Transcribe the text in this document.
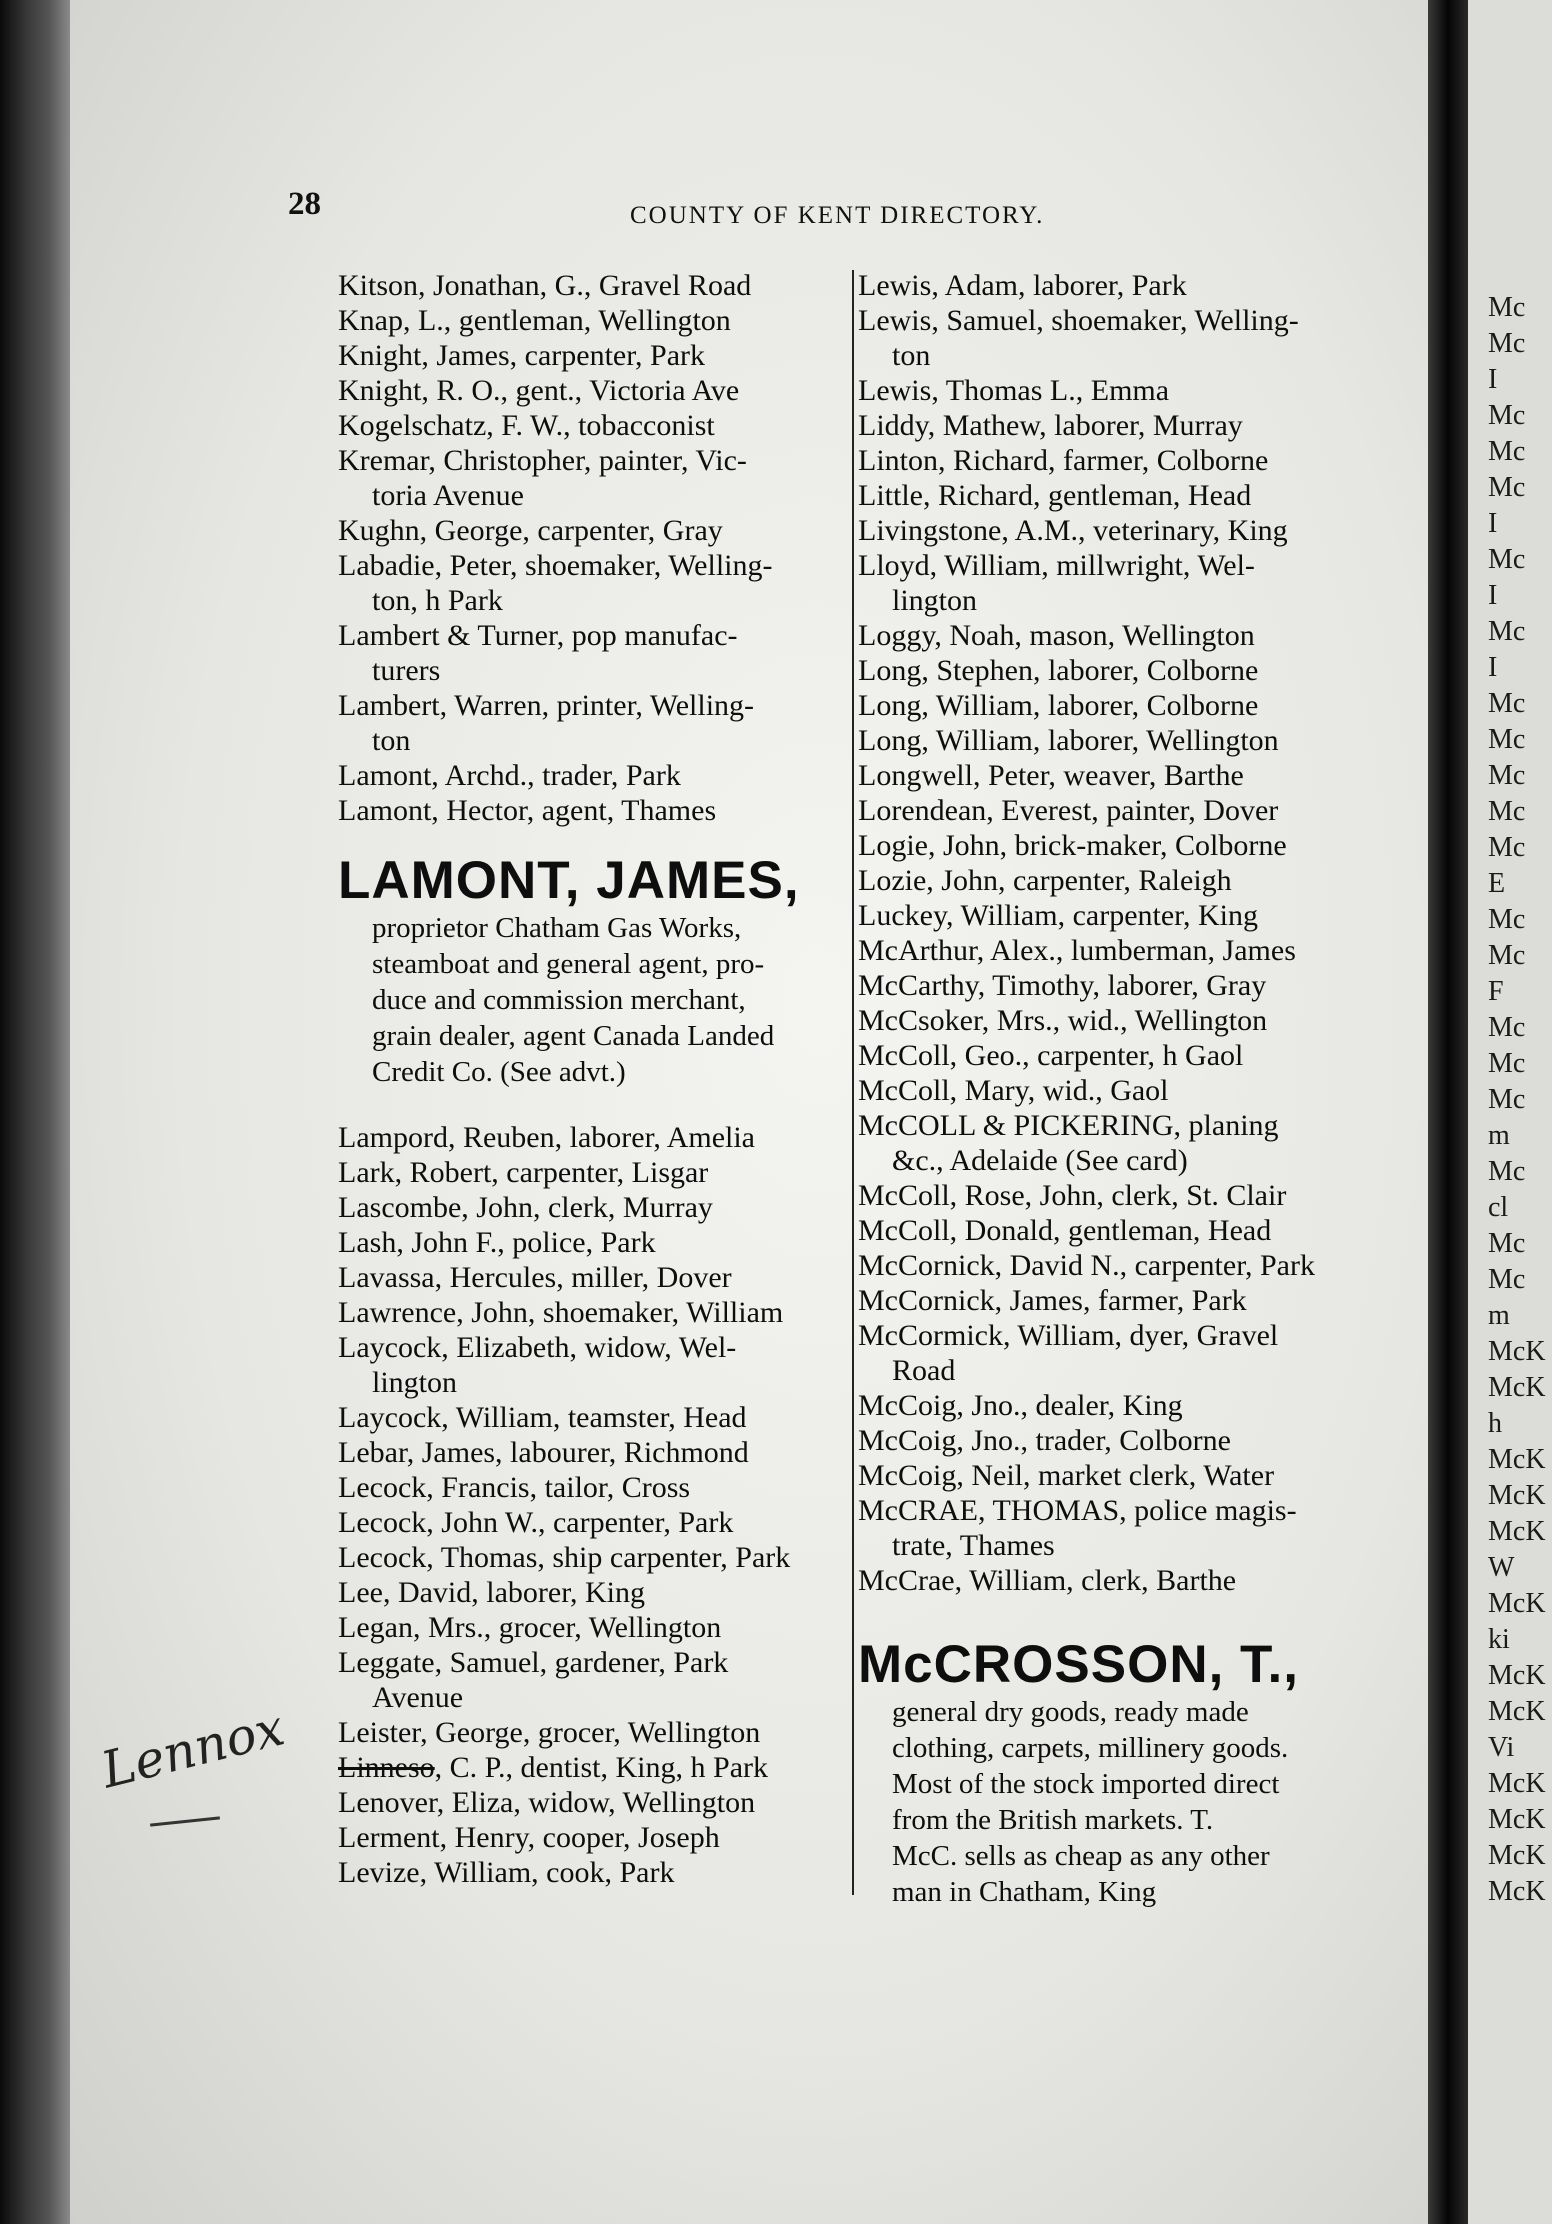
28	COUNTY OF KENT DIRECTORY.
Kitson, Jonathan, G., Gravel Road
Knap, L., gentleman, Wellington
Knight, James, carpenter, Park
Knight, R. O., gent., Victoria Ave
Kogelschatz, F. W., tobacconist
Kremar, Christopher, painter, Vic-
toria Avenue
Kughn, George, carpenter, Gray
Labadie, Peter, shoemaker, Welling-
ton, h Park
Lambert & Turner, pop manufac-
turers
Lambert, Warren, printer, Welling-
ton
Lamont, Archd., trader, Park
Lamont, Hector, agent, Thames
LAMONT, JAMES,
proprietor Chatham Gas Works,
steamboat and general agent, pro-
duce and commission merchant,
grain dealer, agent Canada Landed
Credit Co. (See advt.)
Lampord, Reuben, laborer, Amelia
Lark, Robert, carpenter, Lisgar
Lascombe, John, clerk, Murray
Lash, John F., police, Park
Lavassa, Hercules, miller, Dover
Lawrence, John, shoemaker, William
Laycock, Elizabeth, widow, Wel-
lington
Laycock, William, teamster, Head
Lebar, James, labourer, Richmond
Lecock, Francis, tailor, Cross
Lecock, John W., carpenter, Park
Lecock, Thomas, ship carpenter, Park
Lee, David, laborer, King
Legan, Mrs., grocer, Wellington
Leggate, Samuel, gardener, Park
Avenue
Leister, George, grocer, Wellington
Linneso, C. P., dentist, King, h Park
Lenover, Eliza, widow, Wellington
Lerment, Henry, cooper, Joseph
Levize, William, cook, Park
Lewis, Adam, laborer, Park
Lewis, Samuel, shoemaker, Welling-
ton
Lewis, Thomas L., Emma
Liddy, Mathew, laborer, Murray
Linton, Richard, farmer, Colborne
Little, Richard, gentleman, Head
Livingstone, A.M., veterinary, King
Lloyd, William, millwright, Wel-
lington
Loggy, Noah, mason, Wellington
Long, Stephen, laborer, Colborne
Long, William, laborer, Colborne
Long, William, laborer, Wellington
Longwell, Peter, weaver, Barthe
Lorendean, Everest, painter, Dover
Logie, John, brick-maker, Colborne
Lozie, John, carpenter, Raleigh
Luckey, William, carpenter, King
McArthur, Alex., lumberman, James
McCarthy, Timothy, laborer, Gray
McCsoker, Mrs., wid., Wellington
McColl, Geo., carpenter, h Gaol
McColl, Mary, wid., Gaol
McCOLL & PICKERING, planing
&c., Adelaide (See card)
McColl, Rose, John, clerk, St. Clair
McColl, Donald, gentleman, Head
McCornick, David N., carpenter, Park
McCornick, James, farmer, Park
McCormick, William, dyer, Gravel
Road
McCoig, Jno., dealer, King
McCoig, Jno., trader, Colborne
McCoig, Neil, market clerk, Water
McCRAE, THOMAS, police magis-
trate, Thames
McCrae, William, clerk, Barthe
McCROSSON, T.,
general dry goods, ready made
clothing, carpets, millinery goods.
Most of the stock imported direct
from the British markets. T.
McC. sells as cheap as any other
man in Chatham, King
Lennox
Mc
Mc
I
Mc
Mc
Mc
I
Mc
I
Mc
I
Mc
Mc
Mc
Mc
Mc
E
Mc
Mc
F
Mc
Mc
Mc
m
Mc
cl
Mc
Mc
m
McK
McK
h
McK
McK
McK
W
McK
ki
McK
McK
Vi
McK
McK
McK
McK
